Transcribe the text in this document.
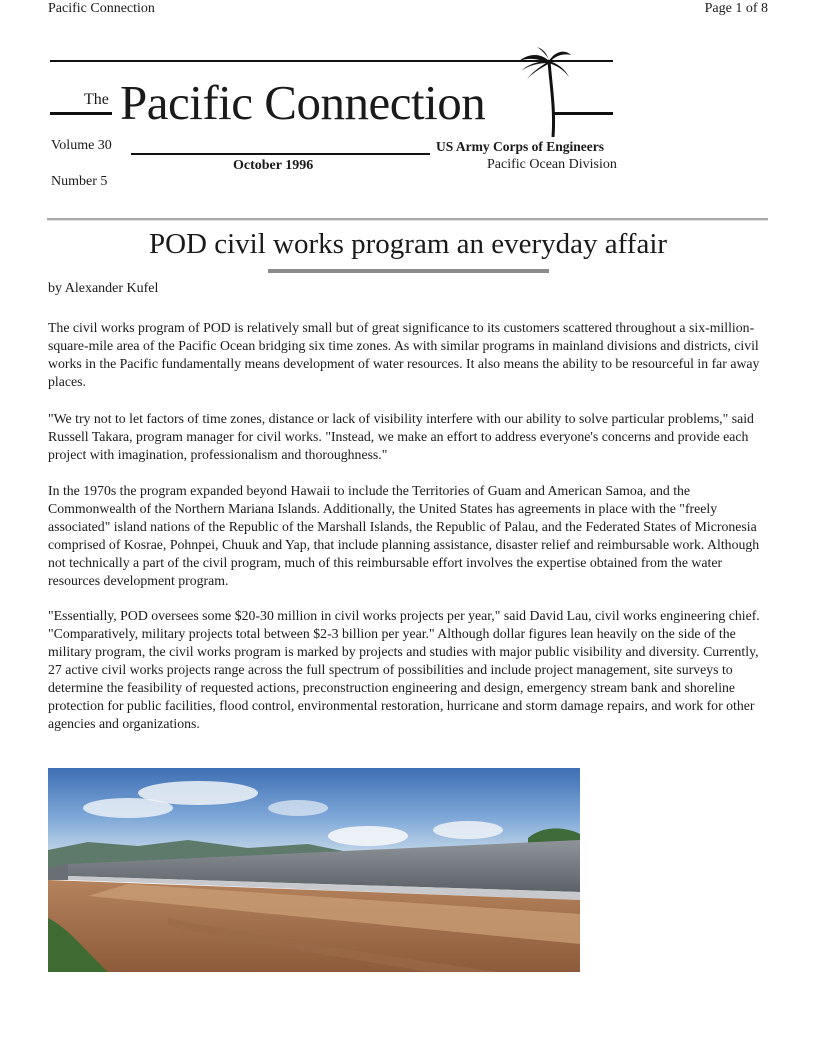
Pacific Connection	Page 1 of 8
The Pacific Connection
Volume 30	US Army Corps of Engineers
October 1996	Pacific Ocean Division
Number 5
POD civil works program an everyday affair
by Alexander Kufel

The civil works program of POD is relatively small but of great significance to its customers scattered throughout a six-million- square-mile area of the Pacific Ocean bridging six time zones. As with similar programs in mainland divisions and districts, civil works in the Pacific fundamentally means development of water resources. It also means the ability to be resourceful in far away places.

"We try not to let factors of time zones, distance or lack of visibility interfere with our ability to solve particular problems," said Russell Takara, program manager for civil works. "Instead, we make an effort to address everyone's concerns and provide each project with imagination, professionalism and thoroughness."

In the 1970s the program expanded beyond Hawaii to include the Territories of Guam and American Samoa, and the Commonwealth of the Northern Mariana Islands. Additionally, the United States has agreements in place with the "freely associated" island nations of the Republic of the Marshall Islands, the Republic of Palau, and the Federated States of Micronesia comprised of Kosrae, Pohnpei, Chuuk and Yap, that include planning assistance, disaster relief and reimbursable work. Although not technically a part of the civil program, much of this reimbursable effort involves the expertise obtained from the water resources development program.

"Essentially, POD oversees some $20-30 million in civil works projects per year," said David Lau, civil works engineering chief. "Comparatively, military projects total between $2-3 billion per year." Although dollar figures lean heavily on the side of the military program, the civil works program is marked by projects and studies with major public visibility and diversity. Currently, 27 active civil works projects range across the full spectrum of possibilities and include project management, site surveys to determine the feasibility of requested actions, preconstruction engineering and design, emergency stream bank and shoreline protection for public facilities, flood control, environmental restoration, hurricane and storm damage repairs, and work for other agencies and organizations.
